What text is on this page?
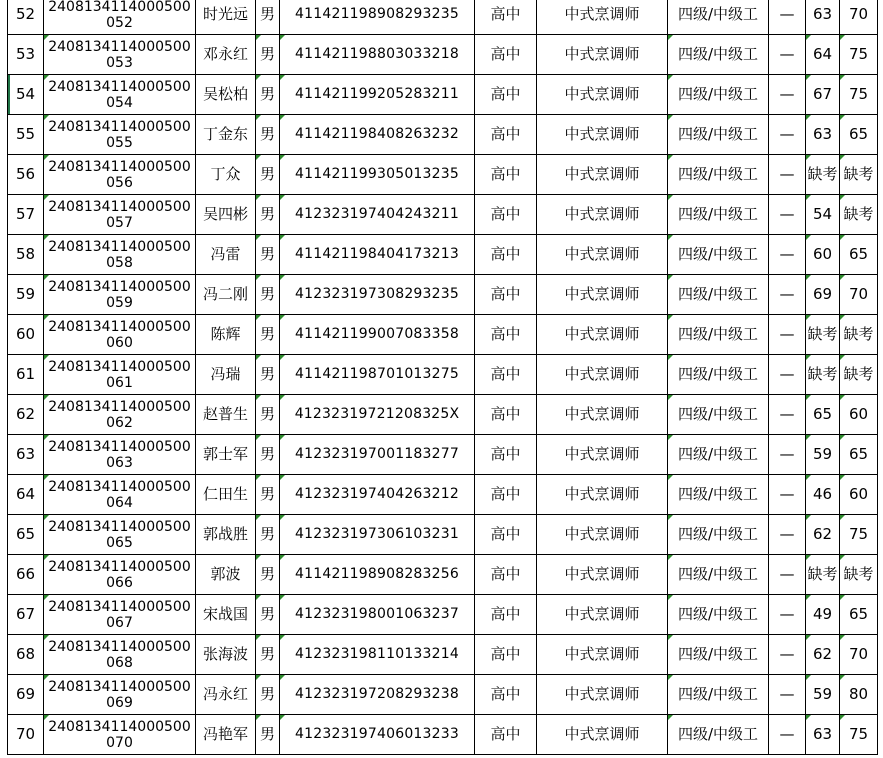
52	2408134114000500052	时光远	男	411421198908293235	高中	中式烹调师	四级/中级工	—	63	70
53	2408134114000500053	邓永红	男	411421198803033218	高中	中式烹调师	四级/中级工	—	64	75
54	2408134114000500054	吴松柏	男	411421199205283211	高中	中式烹调师	四级/中级工	—	67	75
55	2408134114000500055	丁金东	男	411421198408263232	高中	中式烹调师	四级/中级工	—	63	65
56	2408134114000500056	丁众	男	411421199305013235	高中	中式烹调师	四级/中级工	—	缺考	缺考
57	2408134114000500057	吴四彬	男	412323197404243211	高中	中式烹调师	四级/中级工	—	54	缺考
58	2408134114000500058	冯雷	男	411421198404173213	高中	中式烹调师	四级/中级工	—	60	65
59	2408134114000500059	冯二刚	男	412323197308293235	高中	中式烹调师	四级/中级工	—	69	70
60	2408134114000500060	陈辉	男	411421199007083358	高中	中式烹调师	四级/中级工	—	缺考	缺考
61	2408134114000500061	冯瑞	男	411421198701013275	高中	中式烹调师	四级/中级工	—	缺考	缺考
62	2408134114000500062	赵普生	男	41232319721208325X	高中	中式烹调师	四级/中级工	—	65	60
63	2408134114000500063	郭士军	男	412323197001183277	高中	中式烹调师	四级/中级工	—	59	65
64	2408134114000500064	仁田生	男	412323197404263212	高中	中式烹调师	四级/中级工	—	46	60
65	2408134114000500065	郭战胜	男	412323197306103231	高中	中式烹调师	四级/中级工	—	62	75
66	2408134114000500066	郭波	男	411421198908283256	高中	中式烹调师	四级/中级工	—	缺考	缺考
67	2408134114000500067	宋战国	男	412323198001063237	高中	中式烹调师	四级/中级工	—	49	65
68	2408134114000500068	张海波	男	412323198110133214	高中	中式烹调师	四级/中级工	—	62	70
69	2408134114000500069	冯永红	男	412323197208293238	高中	中式烹调师	四级/中级工	—	59	80
70	2408134114000500070	冯艳军	男	412323197406013233	高中	中式烹调师	四级/中级工	—	63	75
